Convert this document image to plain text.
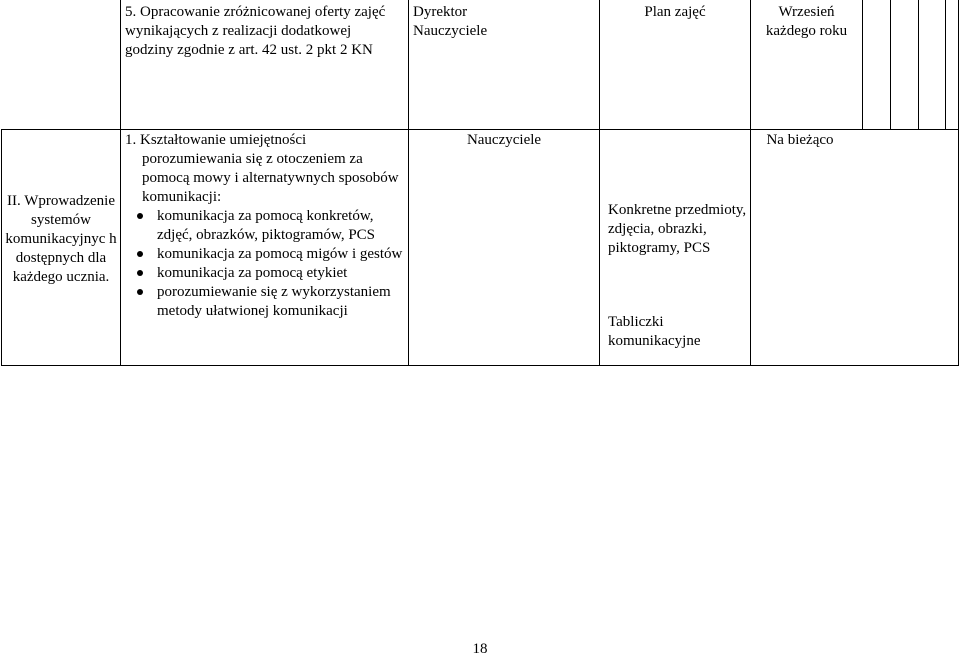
5. Opracowanie zróżnicowanej oferty zajęć wynikających z realizacji dodatkowej godziny zgodnie z art. 42 ust. 2 pkt 2 KN
Dyrektor
Nauczyciele
Plan zajęć	Wrzesień
każdego roku
II. Wprowadzenie systemów komunikacyjnyc h dostępnych dla każdego ucznia.
1. Kształtowanie umiejętności porozumiewania się z otoczeniem za pomocą mowy i alternatywnych sposobów komunikacji:
komunikacja za pomocą konkretów, zdjęć, obrazków, piktogramów, PCS
komunikacja za pomocą migów i gestów
komunikacja za pomocą etykiet
porozumiewanie się z wykorzystaniem metody ułatwionej komunikacji
Nauczyciele
Konkretne przedmioty, zdjęcia, obrazki, piktogramy, PCS
Tabliczki komunikacyjne
Na bieżąco
18
